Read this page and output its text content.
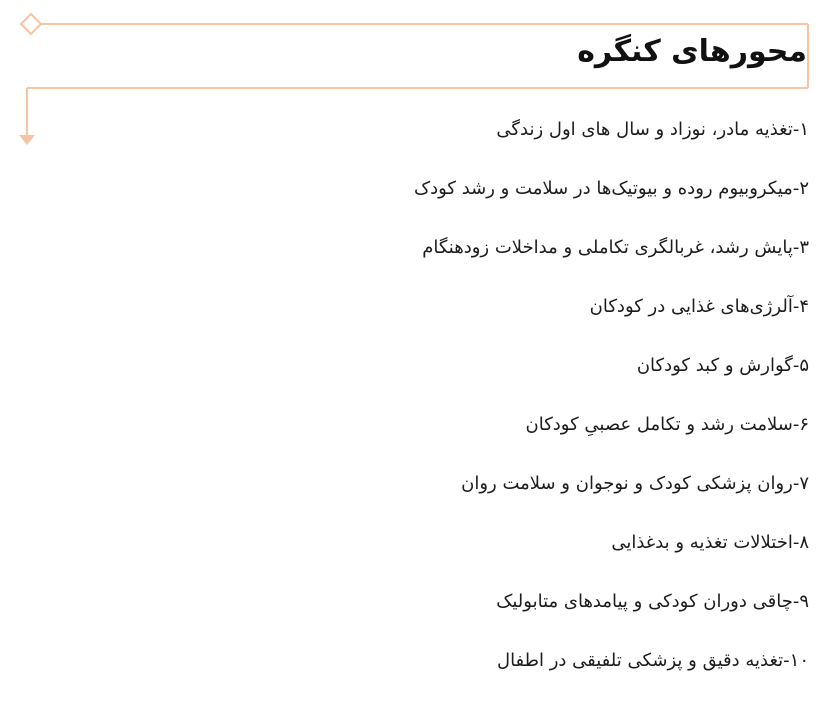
محورهای کنگره
۱-تغذیه مادر، نوزاد و سال های اول زندگی
۲-میکروبیوم روده و بیوتیک‌ها در سلامت و رشد کودک
۳-پایش رشد، غربالگری تکاملی و مداخلات زودهنگام
۴-آلرژی‌های غذایی در کودکان
۵-گوارش و کبد کودکان
۶-سلامت رشد و تکامل عصبیِ کودکان
۷-روان پزشکی کودک و نوجوان و سلامت روان
۸-اختلالات تغذیه و بدغذایی
۹-چاقی دوران کودکی و پیامدهای متابولیک
۱۰-تغذیه دقیق و پزشکی تلفیقی در اطفال
